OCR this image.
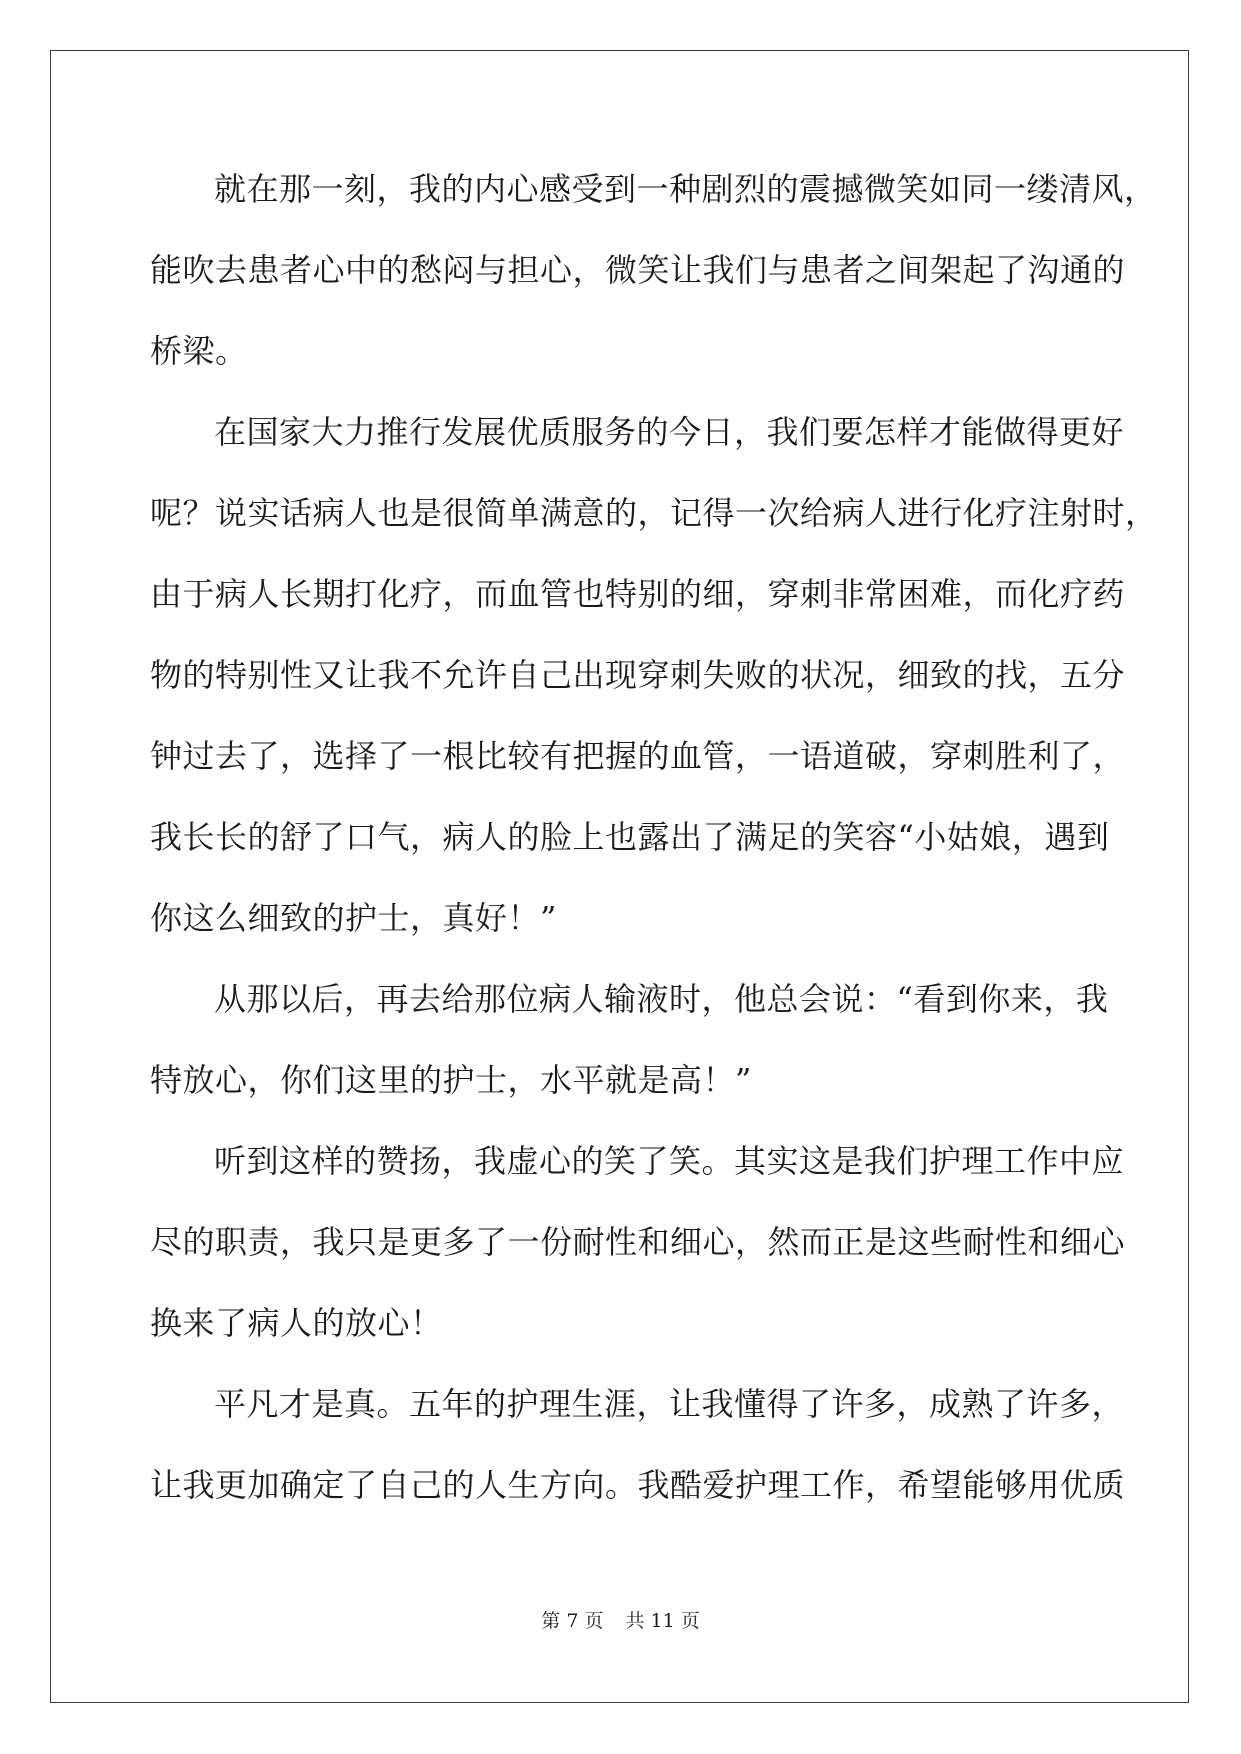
就在那一刻，我的内心感受到一种剧烈的震撼微笑如同一缕清风，
能吹去患者心中的愁闷与担心，微笑让我们与患者之间架起了沟通的
桥梁。
在国家大力推行发展优质服务的今日，我们要怎样才能做得更好
呢？说实话病人也是很简单满意的，记得一次给病人进行化疗注射时，
由于病人长期打化疗，而血管也特别的细，穿刺非常困难，而化疗药
物的特别性又让我不允许自己出现穿刺失败的状况，细致的找，五分
钟过去了，选择了一根比较有把握的血管，一语道破，穿刺胜利了，
我长长的舒了口气，病人的脸上也露出了满足的笑容“小姑娘，遇到
你这么细致的护士，真好！”
从那以后，再去给那位病人输液时，他总会说：“看到你来，我
特放心，你们这里的护士，水平就是高！”
听到这样的赞扬，我虚心的笑了笑。其实这是我们护理工作中应
尽的职责，我只是更多了一份耐性和细心，然而正是这些耐性和细心
换来了病人的放心！
平凡才是真。五年的护理生涯，让我懂得了许多，成熟了许多，
让我更加确定了自己的人生方向。我酷爱护理工作，希望能够用优质
第 7 页 共 11 页
